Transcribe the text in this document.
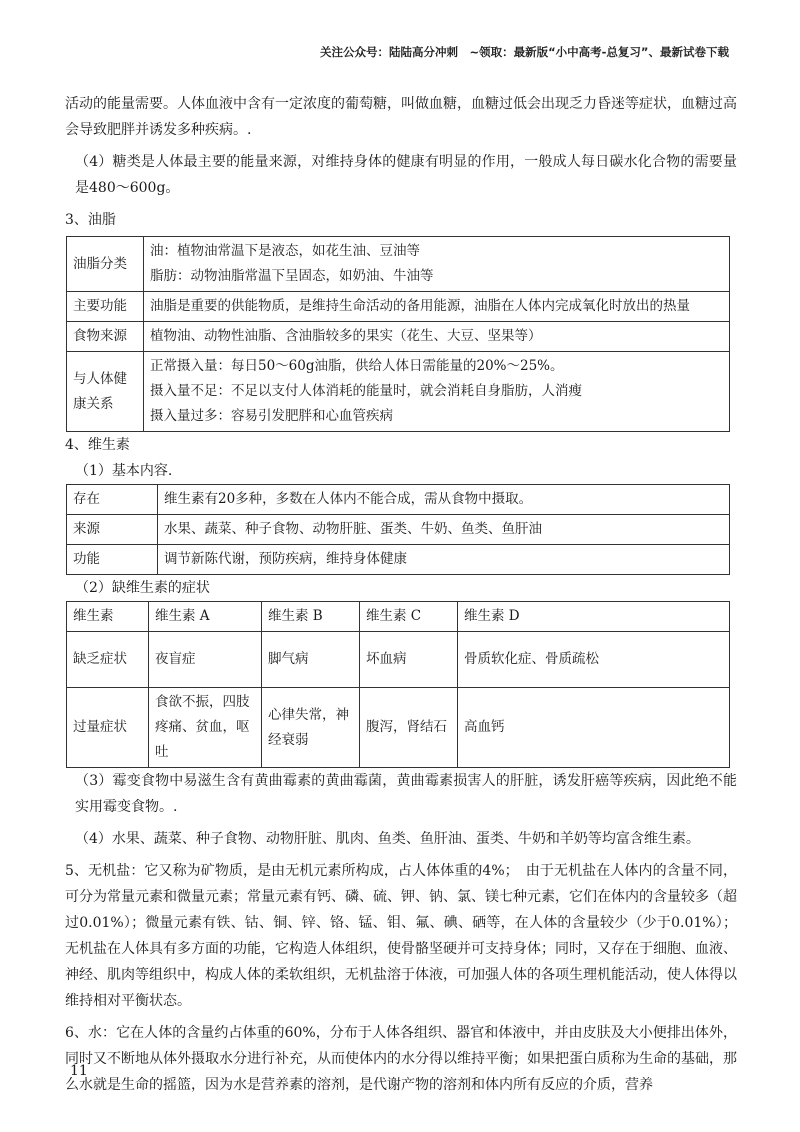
关注公众号：陆陆高分冲刺　~领取：最新版“小中高考-总复习”、最新试卷下载

活动的能量需要。人体血液中含有一定浓度的葡萄糖，叫做血糖，血糖过低会出现乏力昏迷等症状，血糖过高会导致肥胖并诱发多种疾病。.

（4）糖类是人体最主要的能量来源，对维持身体的健康有明显的作用，一般成人每日碳水化合物的需要量是480～600g。

3、油脂

油脂分类	油：植物油常温下是液态，如花生油、豆油等
脂肪：动物油脂常温下呈固态，如奶油、牛油等

主要功能	油脂是重要的供能物质，是维持生命活动的备用能源，油脂在人体内完成氧化时放出的热量

食物来源	植物油、动物性油脂、含油脂较多的果实（花生、大豆、坚果等）

与人体健康关系	正常摄入量：每日50～60g油脂，供给人体日需能量的20%～25%。
摄入量不足：不足以支付人体消耗的能量时，就会消耗自身脂肪，人消瘦
摄入量过多：容易引发肥胖和心血管疾病

4、维生素

（1）基本内容.

存在	维生素有20多种，多数在人体内不能合成，需从食物中摄取。
来源	水果、蔬菜、种子食物、动物肝脏、蛋类、牛奶、鱼类、鱼肝油
功能	调节新陈代谢，预防疾病，维持身体健康

（2）缺维生素的症状

维生素	维生素 A	维生素 B	维生素 C	维生素 D
缺乏症状	夜盲症	脚气病	坏血病	骨质软化症、骨质疏松
过量症状	食欲不振，四肢疼痛、贫血，呕吐	心律失常，神经衰弱	腹泻，肾结石	高血钙

（3）霉变食物中易滋生含有黄曲霉素的黄曲霉菌，黄曲霉素损害人的肝脏，诱发肝癌等疾病，因此绝不能实用霉变食物。.

（4）水果、蔬菜、种子食物、动物肝脏、肌肉、鱼类、鱼肝油、蛋类、牛奶和羊奶等均富含维生素。

5、无机盐：它又称为矿物质，是由无机元素所构成，占人体体重的4%；　由于无机盐在人体内的含量不同，可分为常量元素和微量元素；常量元素有钙、磷、硫、钾、钠、氯、镁七种元素，它们在体内的含量较多（超过0.01%）；微量元素有铁、钴、铜、锌、铬、锰、钼、氟、碘、硒等，在人体的含量较少（少于0.01%）；无机盐在人体具有多方面的功能，它构造人体组织，使骨骼坚硬并可支持身体；同时，又存在于细胞、血液、神经、肌肉等组织中，构成人体的柔软组织，无机盐溶于体液，可加强人体的各项生理机能活动，使人体得以维持相对平衡状态。

6、水：它在人体的含量约占体重的60%，分布于人体各组织、器官和体液中，并由皮肤及大小便排出体外，同时又不断地从体外摄取水分进行补充，从而使体内的水分得以维持平衡；如果把蛋白质称为生命的基础，那么水就是生命的摇篮，因为水是营养素的溶剂，是代谢产物的溶剂和体内所有反应的介质，营养

11
